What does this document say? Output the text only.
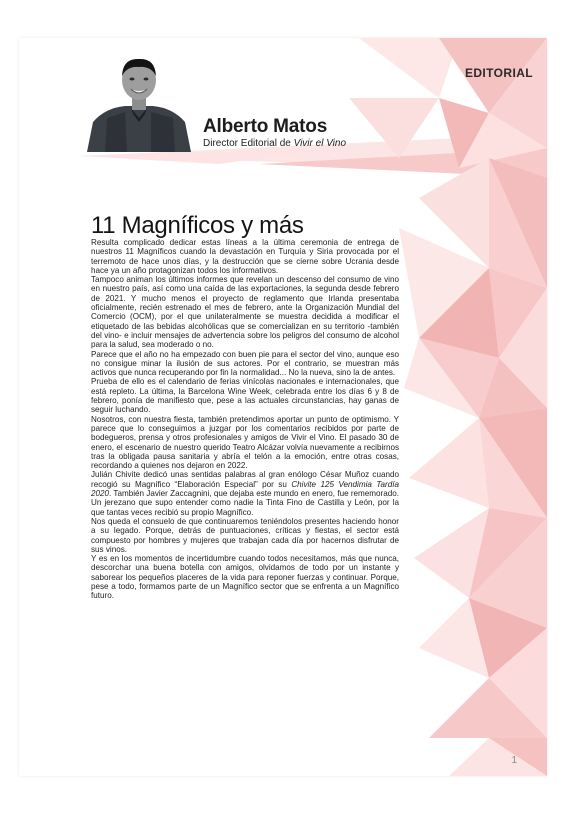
EDITORIAL

Alberto Matos

Director Editorial de Vivir el Vino

11 Magníficos y más

Resulta complicado dedicar estas líneas a la última ceremonia de entrega de nuestros 11 Magníficos cuando la devastación en Turquía y Siria provocada por el terremoto de hace unos días, y la destrucción que se cierne sobre Ucrania desde hace ya un año protagonizan todos los informativos.

Tampoco animan los últimos informes que revelan un descenso del consumo de vino en nuestro país, así como una caída de las exportaciones, la segunda desde febrero de 2021. Y mucho menos el proyecto de reglamento que Irlanda presentaba oficialmente, recién estrenado el mes de febrero, ante la Organización Mundial del Comercio (OCM), por el que unilateralmente se muestra decidida a modificar el etiquetado de las bebidas alcohólicas que se comercializan en su territorio -también del vino- e incluir mensajes de advertencia sobre los peligros del consumo de alcohol para la salud, sea moderado o no.

Parece que el año no ha empezado con buen pie para el sector del vino, aunque eso no consigue minar la ilusión de sus actores. Por el contrario, se muestran más activos que nunca recuperando por fin la normalidad... No la nueva, sino la de antes.

Prueba de ello es el calendario de ferias vinícolas nacionales e internacionales, que está repleto. La última, la Barcelona Wine Week, celebrada entre los días 6 y 8 de febrero, ponía de manifiesto que, pese a las actuales circunstancias, hay ganas de seguir luchando.

Nosotros, con nuestra fiesta, también pretendimos aportar un punto de optimismo. Y parece que lo conseguimos a juzgar por los comentarios recibidos por parte de bodegueros, prensa y otros profesionales y amigos de Vivir el Vino. El pasado 30 de enero, el escenario de nuestro querido Teatro Alcázar volvía nuevamente a recibirnos tras la obligada pausa sanitaria y abría el telón a la emoción, entre otras cosas, recordando a quienes nos dejaron en 2022.

Julián Chivite dedicó unas sentidas palabras al gran enólogo César Muñoz cuando recogió su Magnífico “Elaboración Especial” por su Chivite 125 Vendimia Tardía 2020. También Javier Zaccagnini, que dejaba este mundo en enero, fue rememorado. Un jerezano que supo entender como nadie la Tinta Fino de Castilla y León, por la que tantas veces recibió su propio Magnífico.

Nos queda el consuelo de que continuaremos teniéndolos presentes haciendo honor a su legado. Porque, detrás de puntuaciones, críticas y fiestas, el sector está compuesto por hombres y mujeres que trabajan cada día por hacernos disfrutar de sus vinos.

Y es en los momentos de incertidumbre cuando todos necesitamos, más que nunca, descorchar una buena botella con amigos, olvidamos de todo por un instante y saborear los pequeños placeres de la vida para reponer fuerzas y continuar. Porque, pese a todo, formamos parte de un Magnífico sector que se enfrenta a un Magnífico futuro.

1
